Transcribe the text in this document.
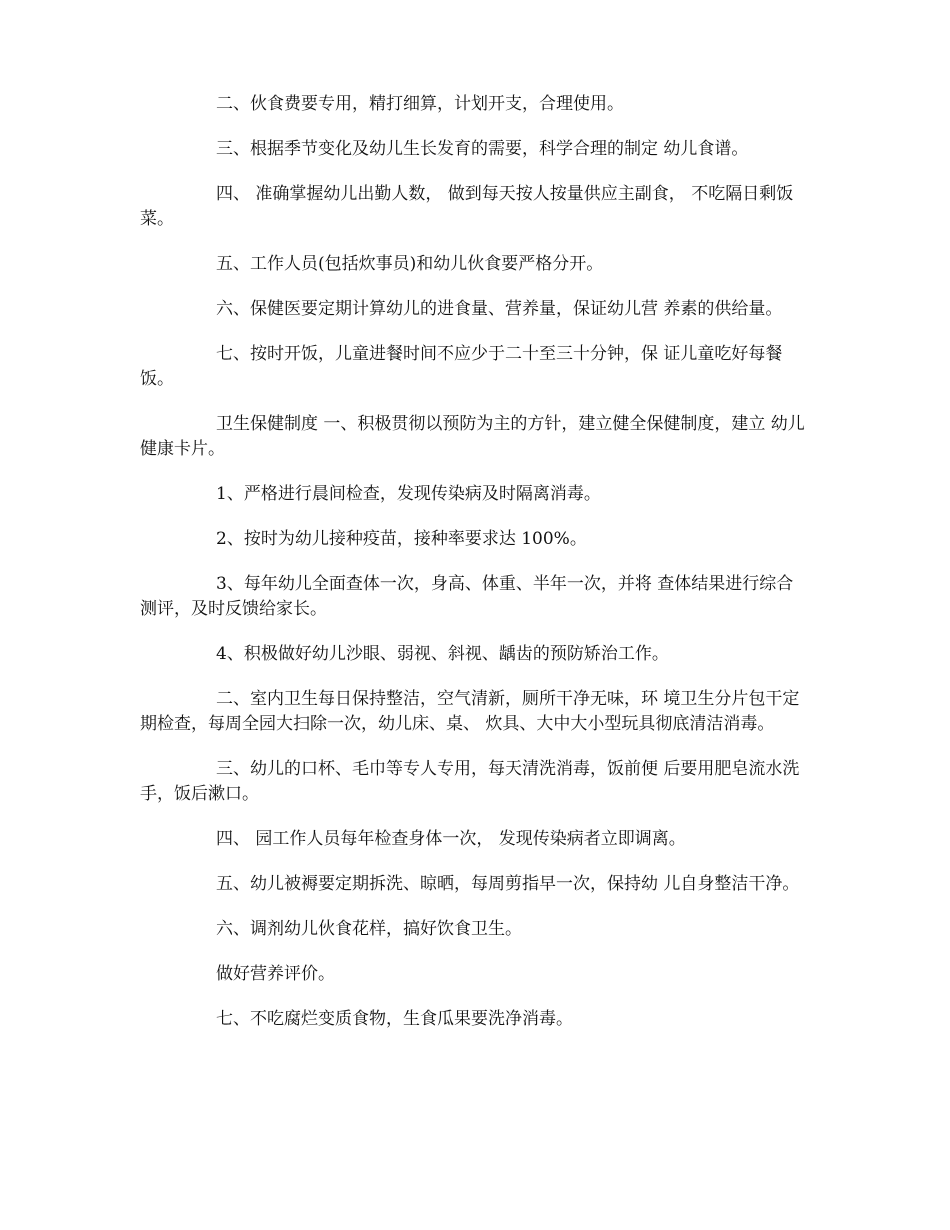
二、伙食费要专用，精打细算，计划开支，合理使用。

三、根据季节变化及幼儿生长发育的需要，科学合理的制定 幼儿食谱。

四、 准确掌握幼儿出勤人数， 做到每天按人按量供应主副食， 不吃隔日剩饭菜。

五、工作人员(包括炊事员)和幼儿伙食要严格分开。

六、保健医要定期计算幼儿的进食量、营养量，保证幼儿营 养素的供给量。

七、按时开饭，儿童进餐时间不应少于二十至三十分钟，保 证儿童吃好每餐饭。

卫生保健制度 一、积极贯彻以预防为主的方针，建立健全保健制度，建立 幼儿健康卡片。

1、严格进行晨间检查，发现传染病及时隔离消毒。

2、按时为幼儿接种疫苗，接种率要求达 100%。

3、每年幼儿全面查体一次，身高、体重、半年一次，并将 查体结果进行综合测评，及时反馈给家长。

4、积极做好幼儿沙眼、弱视、斜视、龋齿的预防矫治工作。

二、室内卫生每日保持整洁，空气清新，厕所干净无味，环 境卫生分片包干定期检查，每周全园大扫除一次，幼儿床、桌、 炊具、大中大小型玩具彻底清洁消毒。

三、幼儿的口杯、毛巾等专人专用，每天清洗消毒，饭前便 后要用肥皂流水洗手，饭后漱口。

四、 园工作人员每年检查身体一次， 发现传染病者立即调离。

五、幼儿被褥要定期拆洗、晾晒，每周剪指早一次，保持幼 儿自身整洁干净。

六、调剂幼儿伙食花样，搞好饮食卫生。

做好营养评价。

七、不吃腐烂变质食物，生食瓜果要洗净消毒。
